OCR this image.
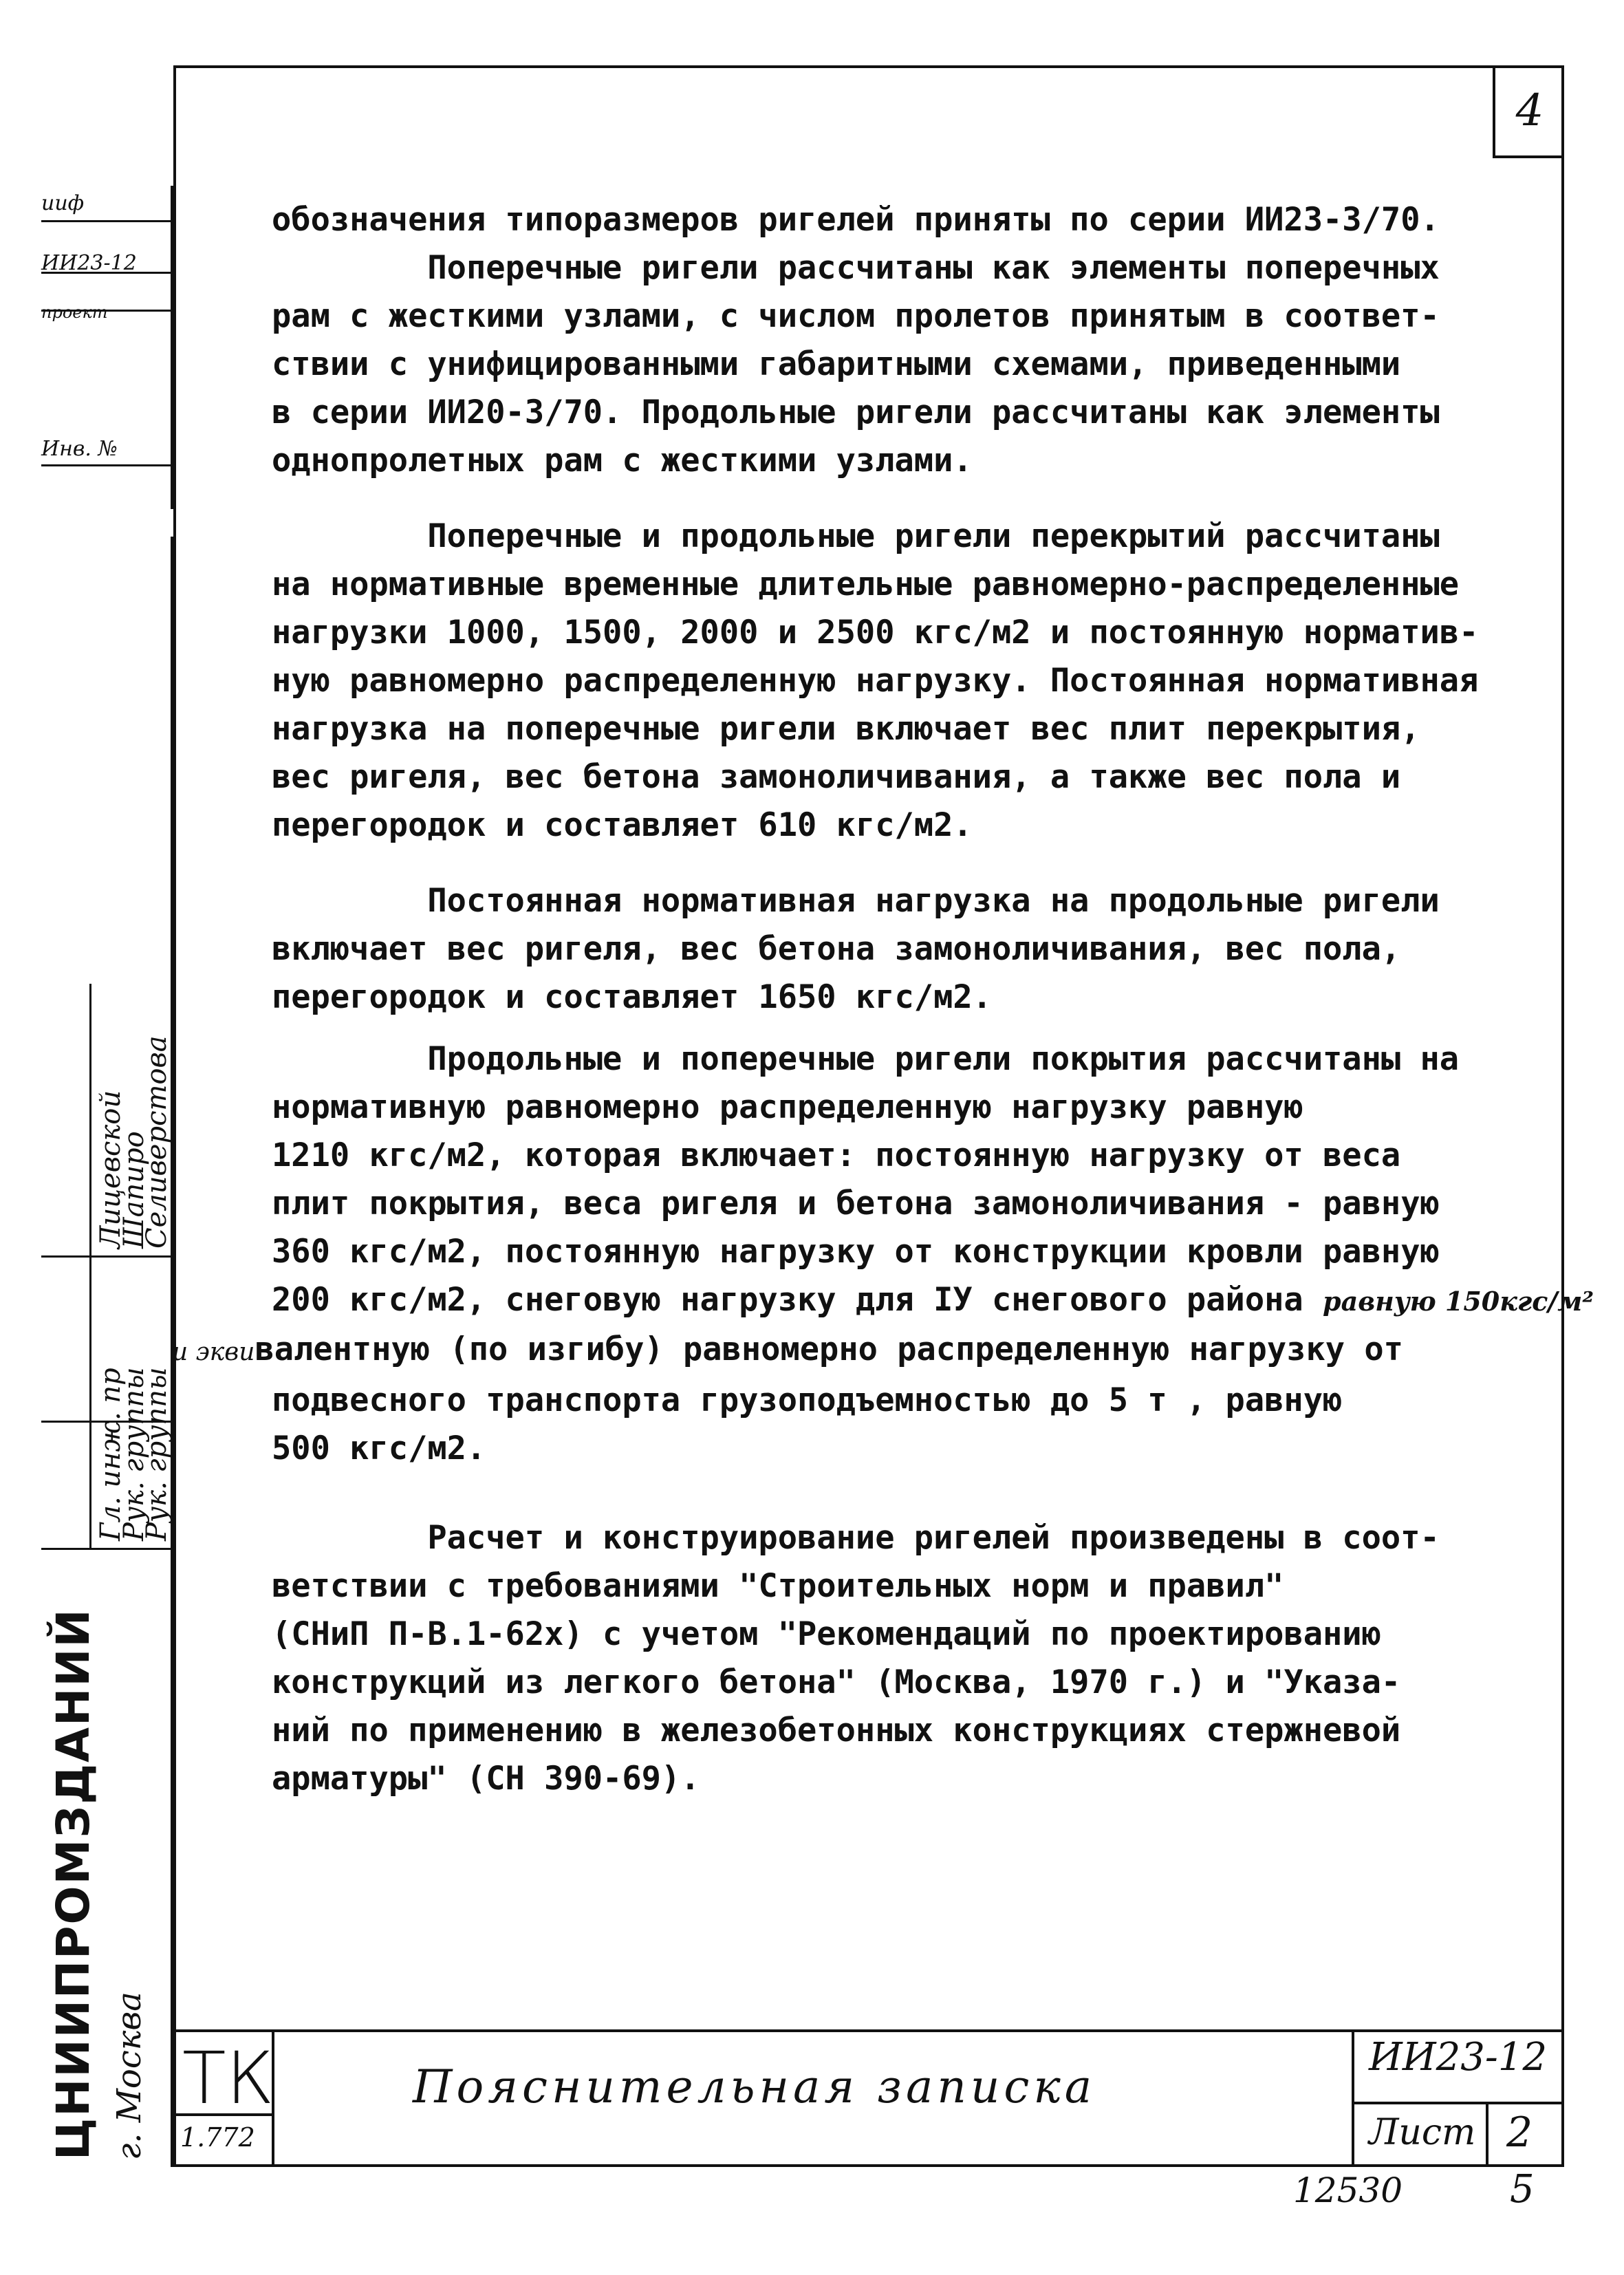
4
ииф
ИИ23-12
проект
Инв. №
Лицевской
Шапиро
Селиверстова
Гл. инж. пр
Рук. группы
Рук. группы
ЦНИИПРОМЗДАНИЙ г. Москва

обозначения типоразмеров ригелей приняты по серии ИИ23-3/70.

Поперечные ригели рассчитаны как элементы поперечных

рам с жесткими узлами, с числом пролетов принятым в соответ-

ствии с унифицированными габаритными схемами, приведенными

в серии ИИ20-3/70. Продольные ригели рассчитаны как элементы

однопролетных рам с жесткими узлами.

Поперечные и продольные ригели перекрытий рассчитаны

на нормативные временные длительные равномерно-распределенные

нагрузки 1000, 1500, 2000 и 2500 кгс/м2 и постоянную норматив-

ную равномерно распределенную нагрузку. Постоянная нормативная

нагрузка на поперечные ригели включает вес плит перекрытия,

вес ригеля, вес бетона замоноличивания, а также вес пола и

перегородок и составляет 610 кгс/м2.

Постоянная нормативная нагрузка на продольные ригели

включает вес ригеля, вес бетона замоноличивания, вес пола,

перегородок и составляет 1650 кгс/м2.

Продольные и поперечные ригели покрытия рассчитаны на

нормативную равномерно распределенную нагрузку равную

1210 кгс/м2, которая включает: постоянную нагрузку от веса

плит покрытия, веса ригеля и бетона замоноличивания - равную

360 кгс/м2, постоянную нагрузку от конструкции кровли равную

200 кгс/м2, снеговую нагрузку для IУ снегового района равную 150кгс/м²

и эквивалентную (по изгибу) равномерно распределенную нагрузку от

подвесного транспорта грузоподъемностью до 5 т , равную

500 кгс/м2.

Расчет и конструирование ригелей произведены в соот-

ветствии с требованиями "Строительных норм и правил"

(СНиП П-В.1-62х) с учетом "Рекомендаций по проектированию

конструкций из легкого бетона" (Москва, 1970 г.) и "Указа-

ний по применению в железобетонных конструкциях стержневой

арматуры" (СН 390-69).

ТК
1.772
Пояснительная записка
ИИ23-12
Лист 2
12530	5
